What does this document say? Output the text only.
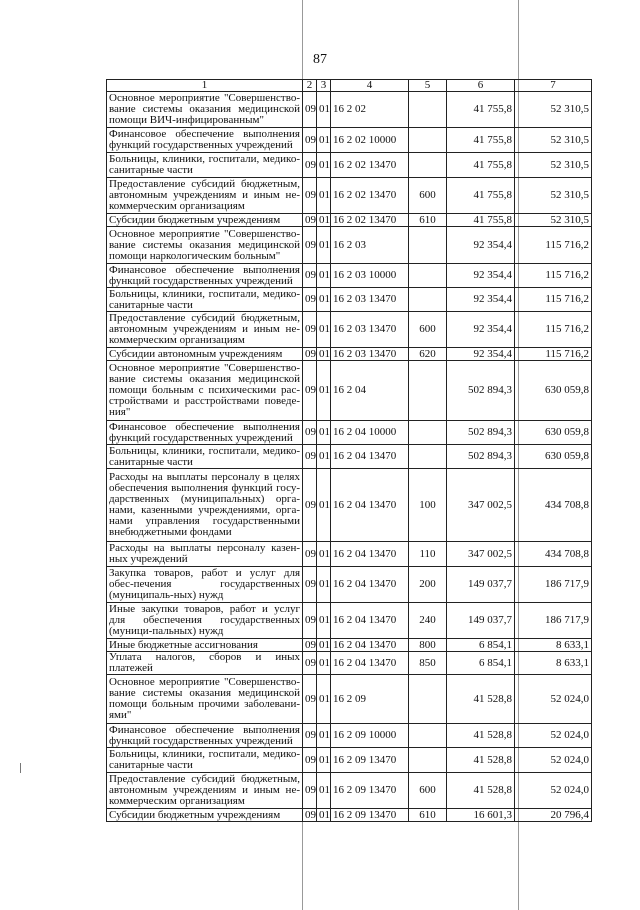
87
1	2	3	4	5	6	7
Основное мероприятие "Совершенство-вание системы оказания медицинской помощи ВИЧ-инфицированным"	09	01	16 2 02		41 755,8	52 310,5
Финансовое обеспечение выполнения функций государственных учреждений	09	01	16 2 02 10000		41 755,8	52 310,5
Больницы, клиники, госпитали, медико-санитарные части	09	01	16 2 02 13470		41 755,8	52 310,5
Предоставление субсидий бюджетным, автономным учреждениям и иным не-коммерческим организациям	09	01	16 2 02 13470	600	41 755,8	52 310,5
Субсидии бюджетным учреждениям	09	01	16 2 02 13470	610	41 755,8	52 310,5
Основное мероприятие "Совершенство-вание системы оказания медицинской помощи наркологическим больным"	09	01	16 2 03		92 354,4	115 716,2
Финансовое обеспечение выполнения функций государственных учреждений	09	01	16 2 03 10000		92 354,4	115 716,2
Больницы, клиники, госпитали, медико-санитарные части	09	01	16 2 03 13470		92 354,4	115 716,2
Предоставление субсидий бюджетным, автономным учреждениям и иным не-коммерческим организациям	09	01	16 2 03 13470	600	92 354,4	115 716,2
Субсидии автономным учреждениям	09	01	16 2 03 13470	620	92 354,4	115 716,2
Основное мероприятие "Совершенство-вание системы оказания медицинской помощи больным с психическими рас-стройствами и расстройствами поведе-ния"	09	01	16 2 04		502 894,3	630 059,8
Финансовое обеспечение выполнения функций государственных учреждений	09	01	16 2 04 10000		502 894,3	630 059,8
Больницы, клиники, госпитали, медико-санитарные части	09	01	16 2 04 13470		502 894,3	630 059,8
Расходы на выплаты персоналу в целях обеспечения выполнения функций госу-дарственных (муниципальных) орга-нами, казенными учреждениями, орга-нами управления государственными внебюджетными фондами	09	01	16 2 04 13470	100	347 002,5	434 708,8
Расходы на выплаты персоналу казен-ных учреждений	09	01	16 2 04 13470	110	347 002,5	434 708,8
Закупка товаров, работ и услуг для обес-печения государственных (муниципаль-ных) нужд	09	01	16 2 04 13470	200	149 037,7	186 717,9
Иные закупки товаров, работ и услуг для обеспечения государственных (муници-пальных) нужд	09	01	16 2 04 13470	240	149 037,7	186 717,9
Иные бюджетные ассигнования	09	01	16 2 04 13470	800	6 854,1	8 633,1
Уплата налогов, сборов и иных платежей	09	01	16 2 04 13470	850	6 854,1	8 633,1
Основное мероприятие "Совершенство-вание системы оказания медицинской помощи больным прочими заболевани-ями"	09	01	16 2 09		41 528,8	52 024,0
Финансовое обеспечение выполнения функций государственных учреждений	09	01	16 2 09 10000		41 528,8	52 024,0
Больницы, клиники, госпитали, медико-санитарные части	09	01	16 2 09 13470		41 528,8	52 024,0
Предоставление субсидий бюджетным, автономным учреждениям и иным не-коммерческим организациям	09	01	16 2 09 13470	600	41 528,8	52 024,0
Субсидии бюджетным учреждениям	09	01	16 2 09 13470	610	16 601,3	20 796,4
